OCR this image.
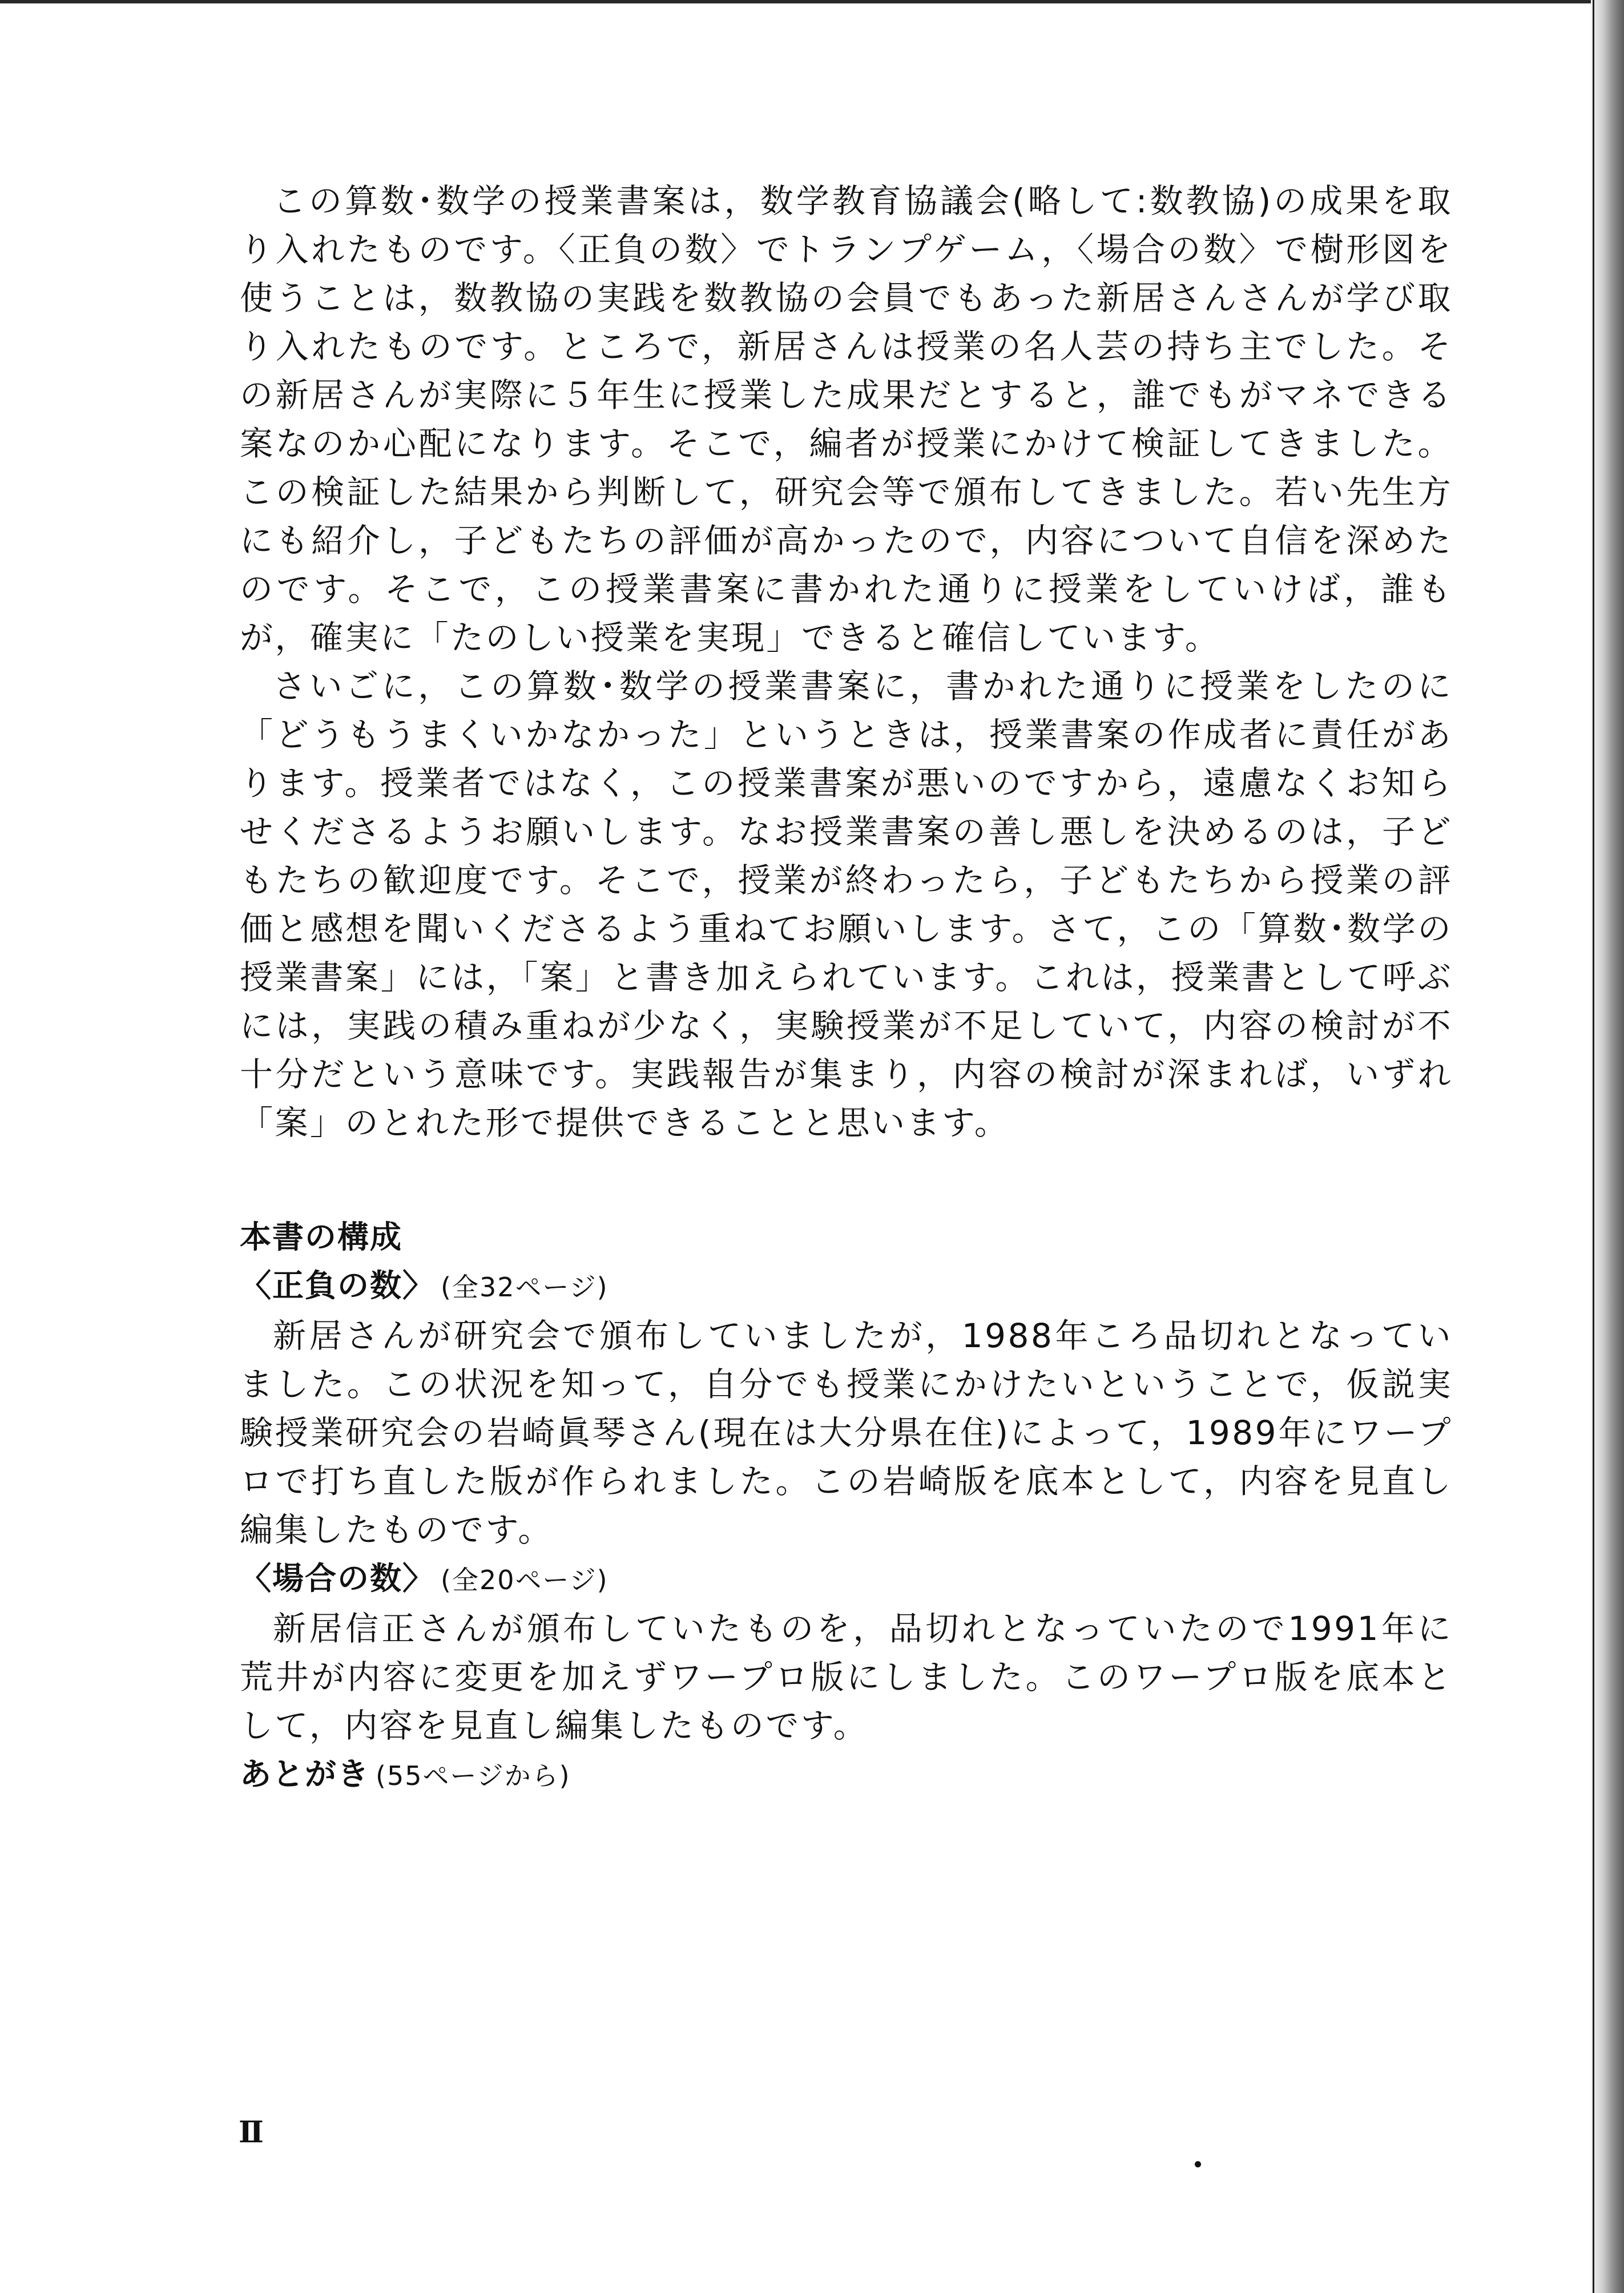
この算数･数学の授業書案は，数学教育協議会(略して:数教協)の成果を取り入れたものです。〈正負の数〉でトランプゲーム，〈場合の数〉で樹形図を使うことは，数教協の実践を数教協の会員でもあった新居さんさんが学び取り入れたものです。ところで，新居さんは授業の名人芸の持ち主でした。その新居さんが実際に５年生に授業した成果だとすると，誰でもがマネできる案なのか心配になります。そこで，編者が授業にかけて検証してきました。この検証した結果から判断して，研究会等で頒布してきました。若い先生方にも紹介し，子どもたちの評価が高かったので，内容について自信を深めたのです。そこで，この授業書案に書かれた通りに授業をしていけば，誰もが，確実に「たのしい授業を実現」できると確信しています。

さいごに，この算数･数学の授業書案に，書かれた通りに授業をしたのに「どうもうまくいかなかった」というときは，授業書案の作成者に責任があります。授業者ではなく，この授業書案が悪いのですから，遠慮なくお知らせくださるようお願いします。なお授業書案の善し悪しを決めるのは，子どもたちの歓迎度です。そこで，授業が終わったら，子どもたちから授業の評価と感想を聞いくださるよう重ねてお願いします。さて，この「算数･数学の授業書案」には，「案」と書き加えられています。これは，授業書として呼ぶには，実践の積み重ねが少なく，実験授業が不足していて，内容の検討が不十分だという意味です。実践報告が集まり，内容の検討が深まれば，いずれ「案」のとれた形で提供できることと思います。

本書の構成

〈正負の数〉 (全32ページ)

新居さんが研究会で頒布していましたが，1988年ころ品切れとなっていました。この状況を知って，自分でも授業にかけたいということで，仮説実験授業研究会の岩崎眞琴さん(現在は大分県在住)によって，1989年にワープロで打ち直した版が作られました。この岩崎版を底本として，内容を見直し編集したものです。

〈場合の数〉 (全20ページ)

新居信正さんが頒布していたものを，品切れとなっていたので1991年に荒井が内容に変更を加えずワープロ版にしました。このワープロ版を底本として，内容を見直し編集したものです。

あとがき (55ページから)

Ⅱ
